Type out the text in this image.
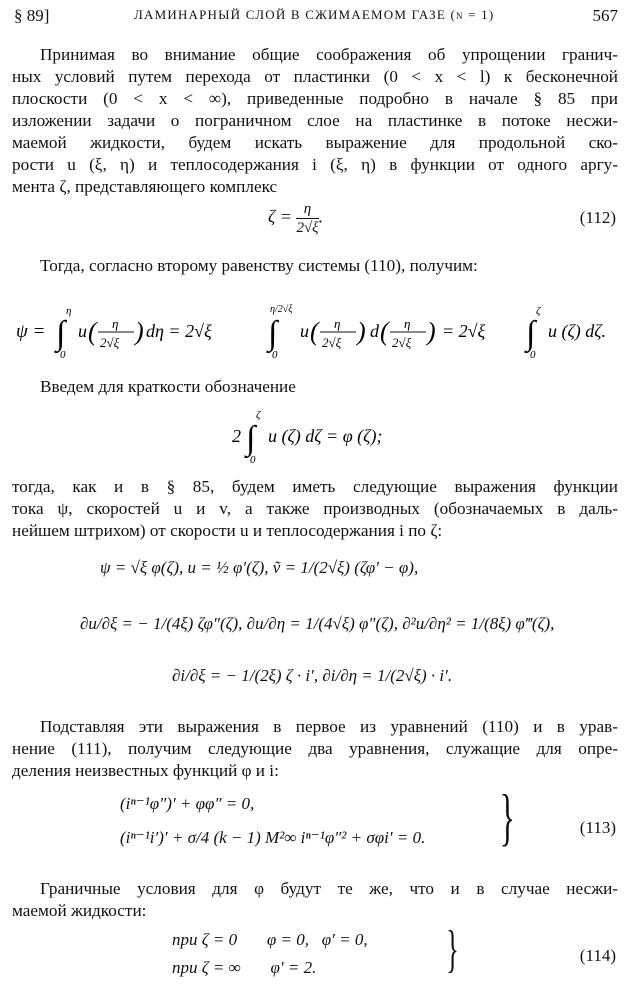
§ 89]	ЛАМИНАРНЫЙ СЛОЙ В СЖИМАЕМОМ ГАЗЕ (n = 1)	567
Принимая во внимание общие соображения об упрощении гранич-
ных условий путем перехода от пластинки (0 < x < l) к бесконечной
плоскости (0 < x < ∞), приведенные подробно в начале § 85 при
изложении задачи о пограничном слое на пластинке в потоке несжи-
маемой жидкости, будем искать выражение для продольной ско-
рости u (ξ, η) и теплосодержания i (ξ, η) в функции от одного аргу-
мента ζ, представляющего комплекс
$\zeta = \frac{\eta}{2√\xi}$ .	(112)
Тогда, согласно второму равенству системы (110), получим:
ψ = ∫
η
0
u ( η
2√ξ ) dη = 2√ξ ∫
η/2√ξ
0
u ( η
2√ξ ) d ( η
2√ξ ) = 2√ξ ∫
ζ
0
u (ζ) dζ.
Введем для краткости обозначение
2 ∫
ζ
0
u (ζ) dζ = φ (ζ);
тогда, как и в § 85, будем иметь следующие выражения функции
тока ψ, скоростей u и v, а также производных (обозначаемых в даль-
нейшем штрихом) от скорости u и теплосодержания i по ζ:
ψ = √ξ φ(ζ), u = ½ φ′(ζ), ṽ = 1/(2√ξ) (ζφ′ − φ),
∂u/∂ξ = − 1/(4ξ) ζφ″(ζ), ∂u/∂η = 1/(4√ξ) φ″(ζ), ∂²u/∂η² = 1/(8ξ) φ‴(ζ),
∂i/∂ξ = − 1/(2ξ) ζ · i′, ∂i/∂η = 1/(2√ξ) · i′.
Подставляя эти выражения в первое из уравнений (110) и в урав-
нение (111), получим следующие два уравнения, служащие для опре-
деления неизвестных функций φ и i:
(iⁿ⁻¹φ″)′ + φφ″ = 0,
(iⁿ⁻¹i′)′ + σ/4 (k − 1) M²∞ iⁿ⁻¹φ″² + σφi′ = 0. }	(113)
Граничные условия для φ будут те же, что и в случае несжи-
маемой жидкости:
при ζ = 0       φ = 0,   φ′ = 0,
при ζ = ∞       φ′ = 2. }	(114)
